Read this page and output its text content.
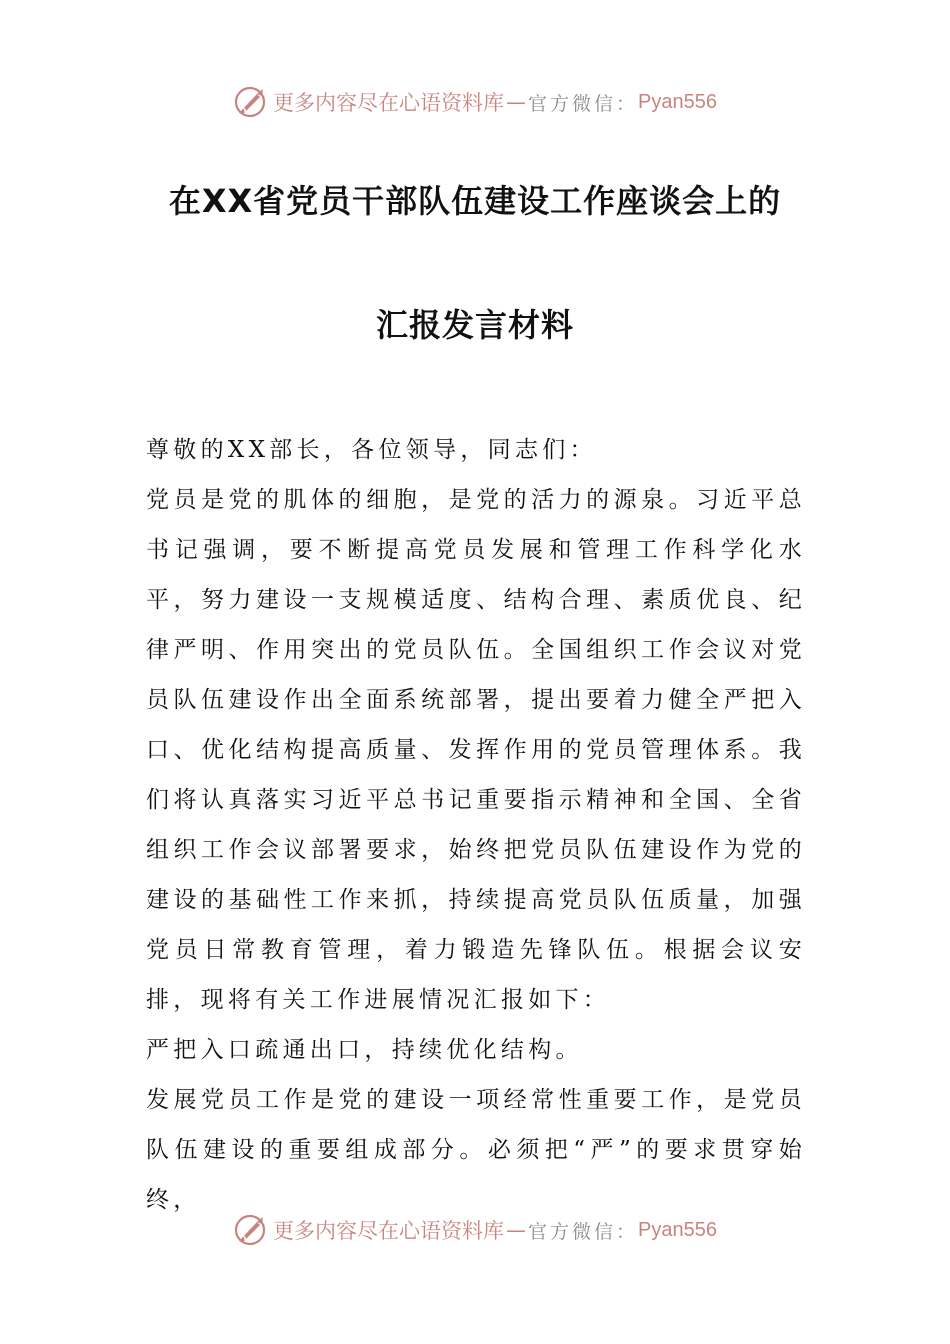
更多内容尽在心语资料库 — 官方微信： Pyan556
在XX省党员干部队伍建设工作座谈会上的
汇报发言材料

尊敬的XX部长，各位领导，同志们：

党员是党的肌体的细胞，是党的活力的源泉。习近平总书记强调，要不断提高党员发展和管理工作科学化水平，努力建设一支规模适度、结构合理、素质优良、纪律严明、作用突出的党员队伍。全国组织工作会议对党员队伍建设作出全面系统部署，提出要着力健全严把入口、优化结构提高质量、发挥作用的党员管理体系。我们将认真落实习近平总书记重要指示精神和全国、全省组织工作会议部署要求，始终把党员队伍建设作为党的建设的基础性工作来抓，持续提高党员队伍质量，加强党员日常教育管理，着力锻造先锋队伍。根据会议安排，现将有关工作进展情况汇报如下：

严把入口疏通出口，持续优化结构。

发展党员工作是党的建设一项经常性重要工作，是党员队伍建设的重要组成部分。必须把“严”的要求贯穿始终，

更多内容尽在心语资料库 — 官方微信： Pyan556
